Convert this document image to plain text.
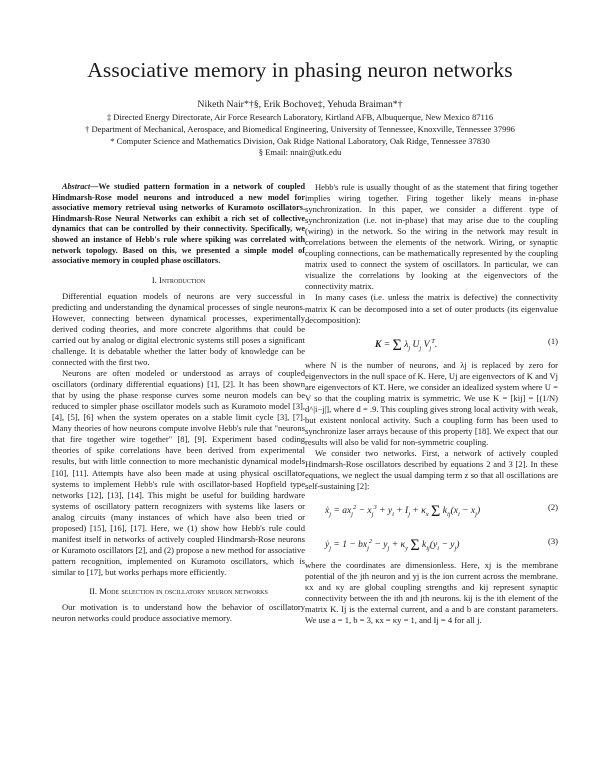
Associative memory in phasing neuron networks
Niketh Nair*†§, Erik Bochove‡, Yehuda Braiman*†
‡ Directed Energy Directorate, Air Force Research Laboratory, Kirtland AFB, Albuquerque, New Mexico 87116
† Department of Mechanical, Aerospace, and Biomedical Engineering, University of Tennessee, Knoxville, Tennessee 37996
* Computer Science and Mathematics Division, Oak Ridge National Laboratory, Oak Ridge, Tennessee 37830
§ Email: nnair@utk.edu

Abstract—We studied pattern formation in a network of coupled Hindmarsh-Rose model neurons and introduced a new model for associative memory retrieval using networks of Kuramoto oscillators. Hindmarsh-Rose Neural Networks can exhibit a rich set of collective dynamics that can be controlled by their connectivity. Specifically, we showed an instance of Hebb's rule where spiking was correlated with network topology. Based on this, we presented a simple model of associative memory in coupled phase oscillators.

I. Introduction

Differential equation models of neurons are very successful in predicting and understanding the dynamical processes of single neurons. However, connecting between dynamical processes, experimentally derived coding theories, and more concrete algorithms that could be carried out by analog or digital electronic systems still poses a significant challenge. It is debatable whether the latter body of knowledge can be connected with the first two.

Neurons are often modeled or understood as arrays of coupled oscillators (ordinary differential equations) [1], [2]. It has been shown that by using the phase response curves some neuron models can be reduced to simpler phase oscillator models such as Kuramoto model [3], [4], [5], [6] when the system operates on a stable limit cycle [3], [7]. Many theories of how neurons compute involve Hebb's rule that "neurons that fire together wire together" [8], [9]. Experiment based coding theories of spike correlations have been derived from experimental results, but with little connection to more mechanistic dynamical models [10], [11]. Attempts have also been made at using physical oscillator systems to implement Hebb's rule with oscillator-based Hopfield type networks [12], [13], [14]. This might be useful for building hardware systems of oscillatory pattern recognizers with systems like lasers or analog circuits (many instances of which have also been tried or proposed) [15], [16], [17]. Here, we (1) show how Hebb's rule could manifest itself in networks of actively coupled Hindmarsh-Rose neurons or Kuramoto oscillators [2], and (2) propose a new method for associative pattern recognition, implemented on Kuramoto oscillators, which is similar to [17], but works perhaps more efficiently.

II. Mode selection in oscillatory neuron networks

Our motivation is to understand how the behavior of oscillatory neuron networks could produce associative memory.

Hebb's rule is usually thought of as the statement that firing together implies wiring together. Firing together likely means in-phase synchronization. In this paper, we consider a different type of synchronization (i.e. not in-phase) that may arise due to the coupling (wiring) in the network. So the wiring in the network may result in correlations between the elements of the network. Wiring, or synaptic coupling connections, can be mathematically represented by the coupling matrix used to connect the system of oscillators. In particular, we can visualize the correlations by looking at the eigenvectors of the connectivity matrix.

In many cases (i.e. unless the matrix is defective) the connectivity matrix K can be decomposed into a set of outer products (its eigenvalue decomposition):

K = Σ $\lambda_j$ $U_j$ $V_j^T$.	(1)

where N is the number of neurons, and λj is replaced by zero for eigenvectors in the null space of K. Here, Uj are eigenvectors of K and Vj are eigenvectors of KT. Here, we consider an idealized system where U = V so that the coupling matrix is symmetric. We use K = [kij] = [(1/N) d^|i−j|], where d = .9. This coupling gives strong local activity with weak, but existent nonlocal activity. Such a coupling form has been used to synchronize laser arrays because of this property [18]. We expect that our results will also be valid for non-symmetric coupling.

We consider two networks. First, a network of actively coupled Hindmarsh-Rose oscillators described by equations 2 and 3 [2]. In these equations, we neglect the usual damping term z so that all oscillations are self-sustaining [2]:

ẋ$_j$ = $ax_j^2 - x_j^3 + y_i + I_j + \kappa_x$ Σ $k_{ij}(x_i - x_j)$	(2)
ẏ$_j$ = $1 - bx_j^2 - y_j + \kappa_y$ Σ $k_{ij}(y_i - y_j)$	(3)

where the coordinates are dimensionless. Here, xj is the membrane potential of the jth neuron and yj is the ion current across the membrane. κx and κy are global coupling strengths and kij represent synaptic connectivity between the ith and jth neurons. kij is the ith element of the matrix K. Ij is the external current, and a and b are constant parameters. We use a = 1, b = 3, κx = κy = 1, and Ij = 4 for all j.
